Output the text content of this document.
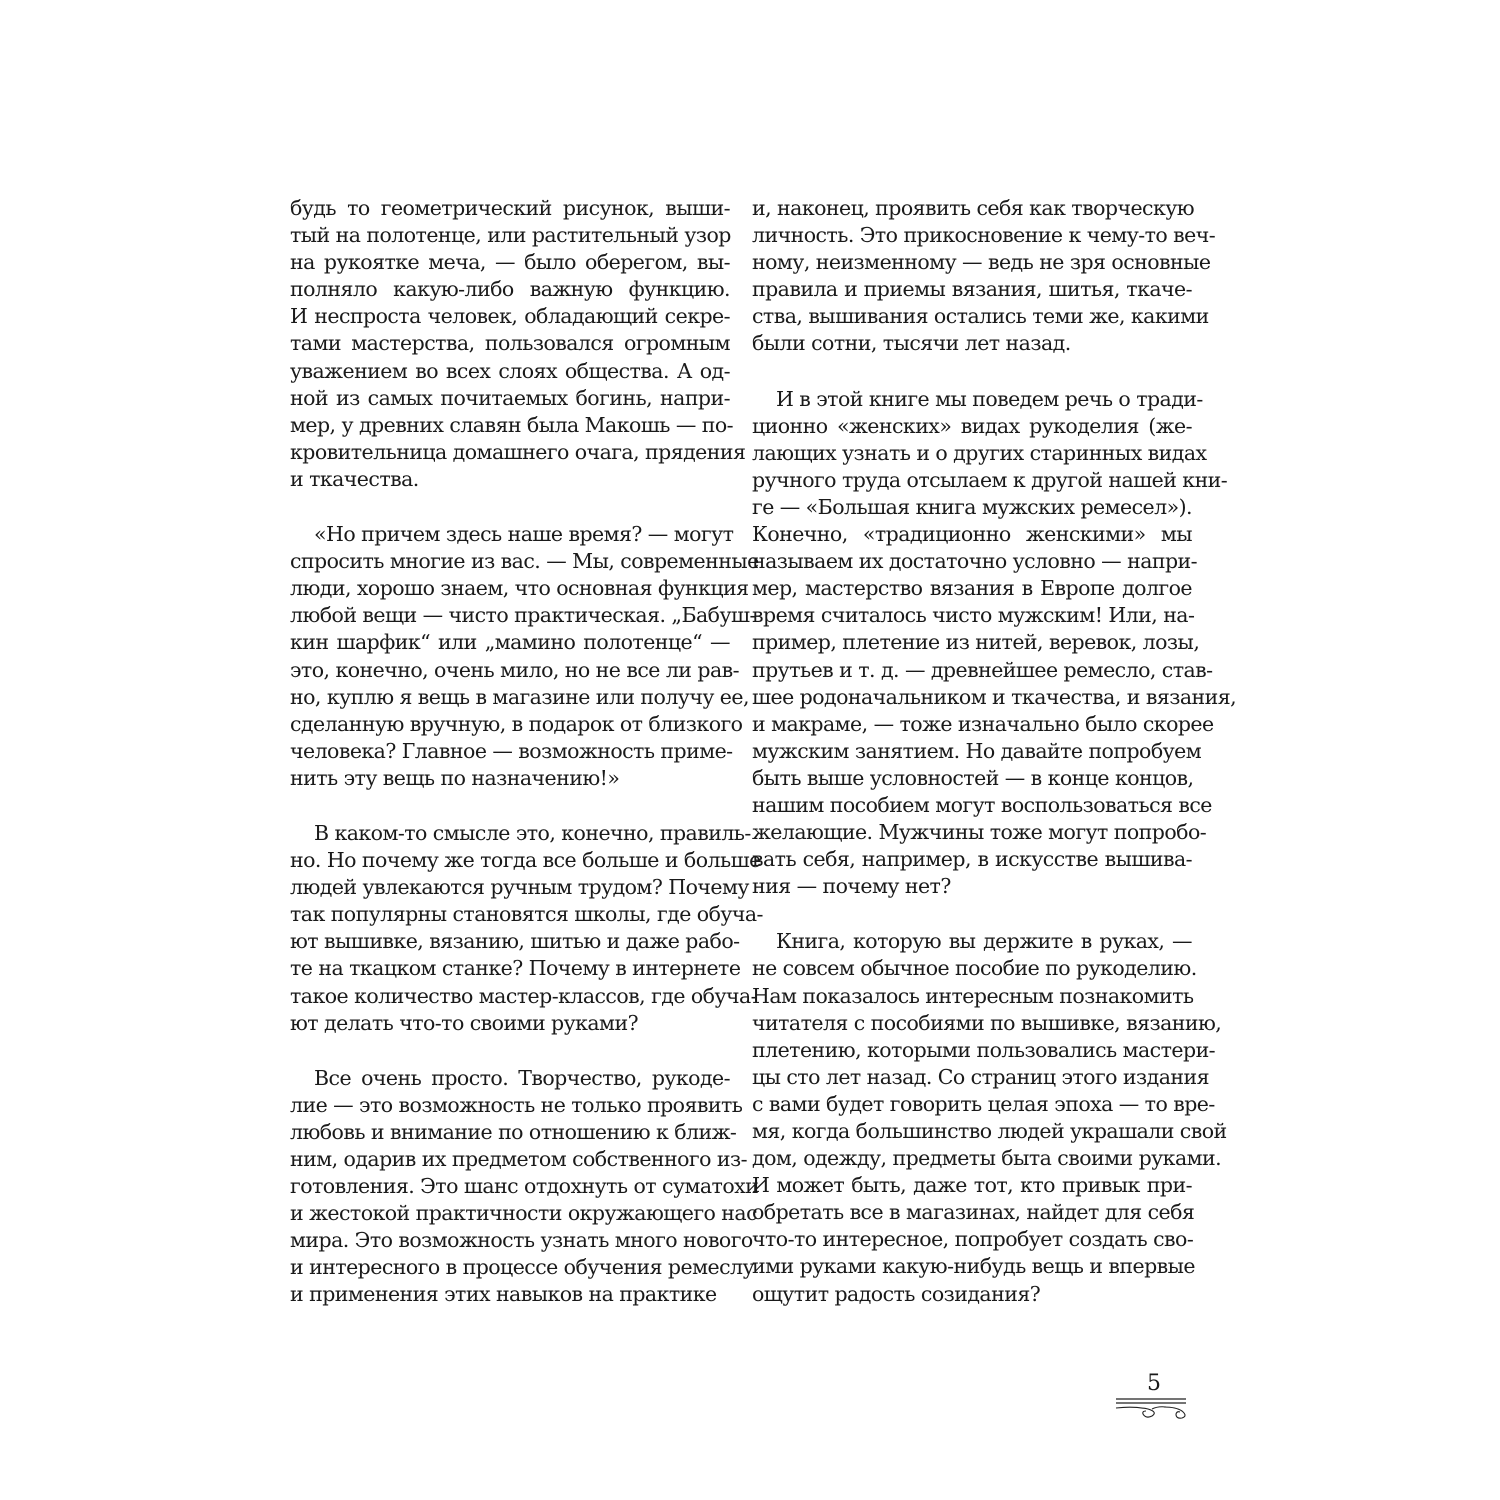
будь то геометрический рисунок, выши-
тый на полотенце, или растительный узор
на рукоятке меча, — было оберегом, вы-
полняло какую-либо важную функцию.
И неспроста человек, обладающий секре-
тами мастерства, пользовался огромным
уважением во всех слоях общества. А од-
ной из самых почитаемых богинь, напри-
мер, у древних славян была Макошь — по-
кровительница домашнего очага, прядения
и ткачества.
«Но причем здесь наше время? — могут
спросить многие из вас. — Мы, современные
люди, хорошо знаем, что основная функция
любой вещи — чисто практическая. „Бабуш-
кин шарфик“ или „мамино полотенце“ —
это, конечно, очень мило, но не все ли рав-
но, куплю я вещь в магазине или получу ее,
сделанную вручную, в подарок от близкого
человека? Главное — возможность приме-
нить эту вещь по назначению!»
В каком-то смысле это, конечно, правиль-
но. Но почему же тогда все больше и больше
людей увлекаются ручным трудом? Почему
так популярны становятся школы, где обуча-
ют вышивке, вязанию, шитью и даже рабо-
те на ткацком станке? Почему в интернете
такое количество мастер-классов, где обуча-
ют делать что-то своими руками?
Все очень просто. Творчество, рукоде-
лие — это возможность не только проявить
любовь и внимание по отношению к ближ-
ним, одарив их предметом собственного из-
готовления. Это шанс отдохнуть от суматохи
и жестокой практичности окружающего нас
мира. Это возможность узнать много нового
и интересного в процессе обучения ремеслу
и применения этих навыков на практике
и, наконец, проявить себя как творческую
личность. Это прикосновение к чему-то веч-
ному, неизменному — ведь не зря основные
правила и приемы вязания, шитья, ткаче-
ства, вышивания остались теми же, какими
были сотни, тысячи лет назад.
И в этой книге мы поведем речь о тради-
ционно «женских» видах рукоделия (же-
лающих узнать и о других старинных видах
ручного труда отсылаем к другой нашей кни-
ге — «Большая книга мужских ремесел»).
Конечно, «традиционно женскими» мы
называем их достаточно условно — напри-
мер, мастерство вязания в Европе долгое
время считалось чисто мужским! Или, на-
пример, плетение из нитей, веревок, лозы,
прутьев и т. д. — древнейшее ремесло, став-
шее родоначальником и ткачества, и вязания,
и макраме, — тоже изначально было скорее
мужским занятием. Но давайте попробуем
быть выше условностей — в конце концов,
нашим пособием могут воспользоваться все
желающие. Мужчины тоже могут попробо-
вать себя, например, в искусстве вышива-
ния — почему нет?
Книга, которую вы держите в руках, —
не совсем обычное пособие по рукоделию.
Нам показалось интересным познакомить
читателя с пособиями по вышивке, вязанию,
плетению, которыми пользовались мастери-
цы сто лет назад. Со страниц этого издания
с вами будет говорить целая эпоха — то вре-
мя, когда большинство людей украшали свой
дом, одежду, предметы быта своими руками.
И может быть, даже тот, кто привык при-
обретать все в магазинах, найдет для себя
что-то интересное, попробует создать сво-
ими руками какую-нибудь вещь и впервые
ощутит радость созидания?
5
